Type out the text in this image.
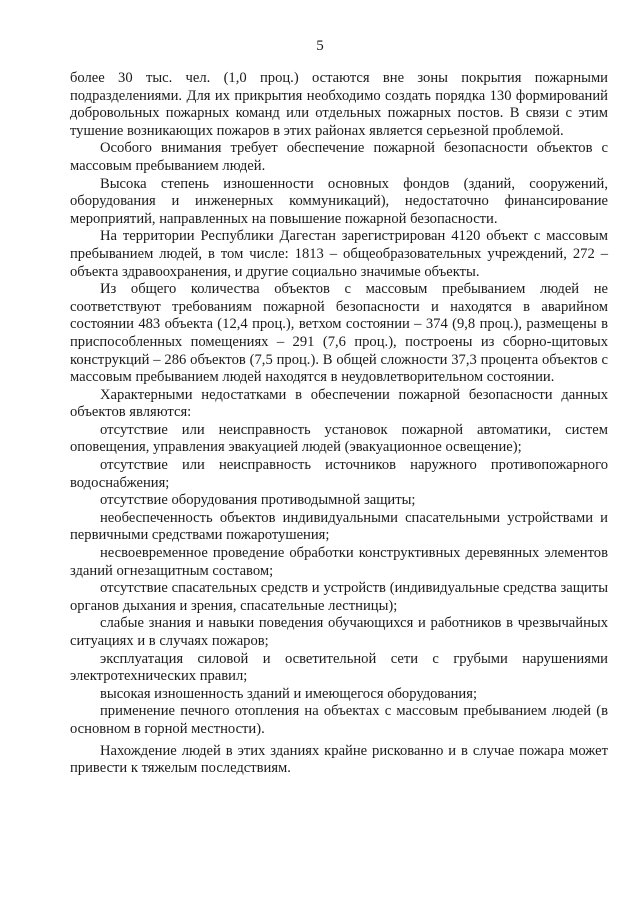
5

более 30 тыс. чел. (1,0 проц.) остаются вне зоны покрытия пожарными подразделениями. Для их прикрытия необходимо создать порядка 130 формирований добровольных пожарных команд или отдельных пожарных постов. В связи с этим тушение возникающих пожаров в этих районах является серьезной проблемой.

Особого внимания требует обеспечение пожарной безопасности объектов с массовым пребыванием людей.

Высока степень изношенности основных фондов (зданий, сооружений, оборудования и инженерных коммуникаций), недостаточно финансирование мероприятий, направленных на повышение пожарной безопасности.

На территории Республики Дагестан зарегистрирован 4120 объект с массовым пребыванием людей, в том числе: 1813 – общеобразовательных учреждений, 272 – объекта здравоохранения, и другие социально значимые объекты.

Из общего количества объектов с массовым пребыванием людей не соответствуют требованиям пожарной безопасности и находятся в аварийном состоянии 483 объекта (12,4 проц.), ветхом состоянии – 374 (9,8 проц.), размещены в приспособленных помещениях – 291 (7,6 проц.), построены из сборно-щитовых конструкций – 286 объектов (7,5 проц.). В общей сложности 37,3 процента объектов с массовым пребыванием людей находятся в неудовлетворительном состоянии.

Характерными недостатками в обеспечении пожарной безопасности данных объектов являются:

отсутствие или неисправность установок пожарной автоматики, систем оповещения, управления эвакуацией людей (эвакуационное освещение);

отсутствие или неисправность источников наружного противопожарного водоснабжения;

отсутствие оборудования противодымной защиты;

необеспеченность объектов индивидуальными спасательными устройствами и первичными средствами пожаротушения;

несвоевременное проведение обработки конструктивных деревянных элементов зданий огнезащитным составом;

отсутствие спасательных средств и устройств (индивидуальные средства защиты органов дыхания и зрения, спасательные лестницы);

слабые знания и навыки поведения обучающихся и работников в чрезвычайных ситуациях и в случаях пожаров;

эксплуатация силовой и осветительной сети с грубыми нарушениями электротехнических правил;

высокая изношенность зданий и имеющегося оборудования;

применение печного отопления на объектах с массовым пребыванием людей (в основном в горной местности).

Нахождение людей в этих зданиях крайне рискованно и в случае пожара может привести к тяжелым последствиям.
